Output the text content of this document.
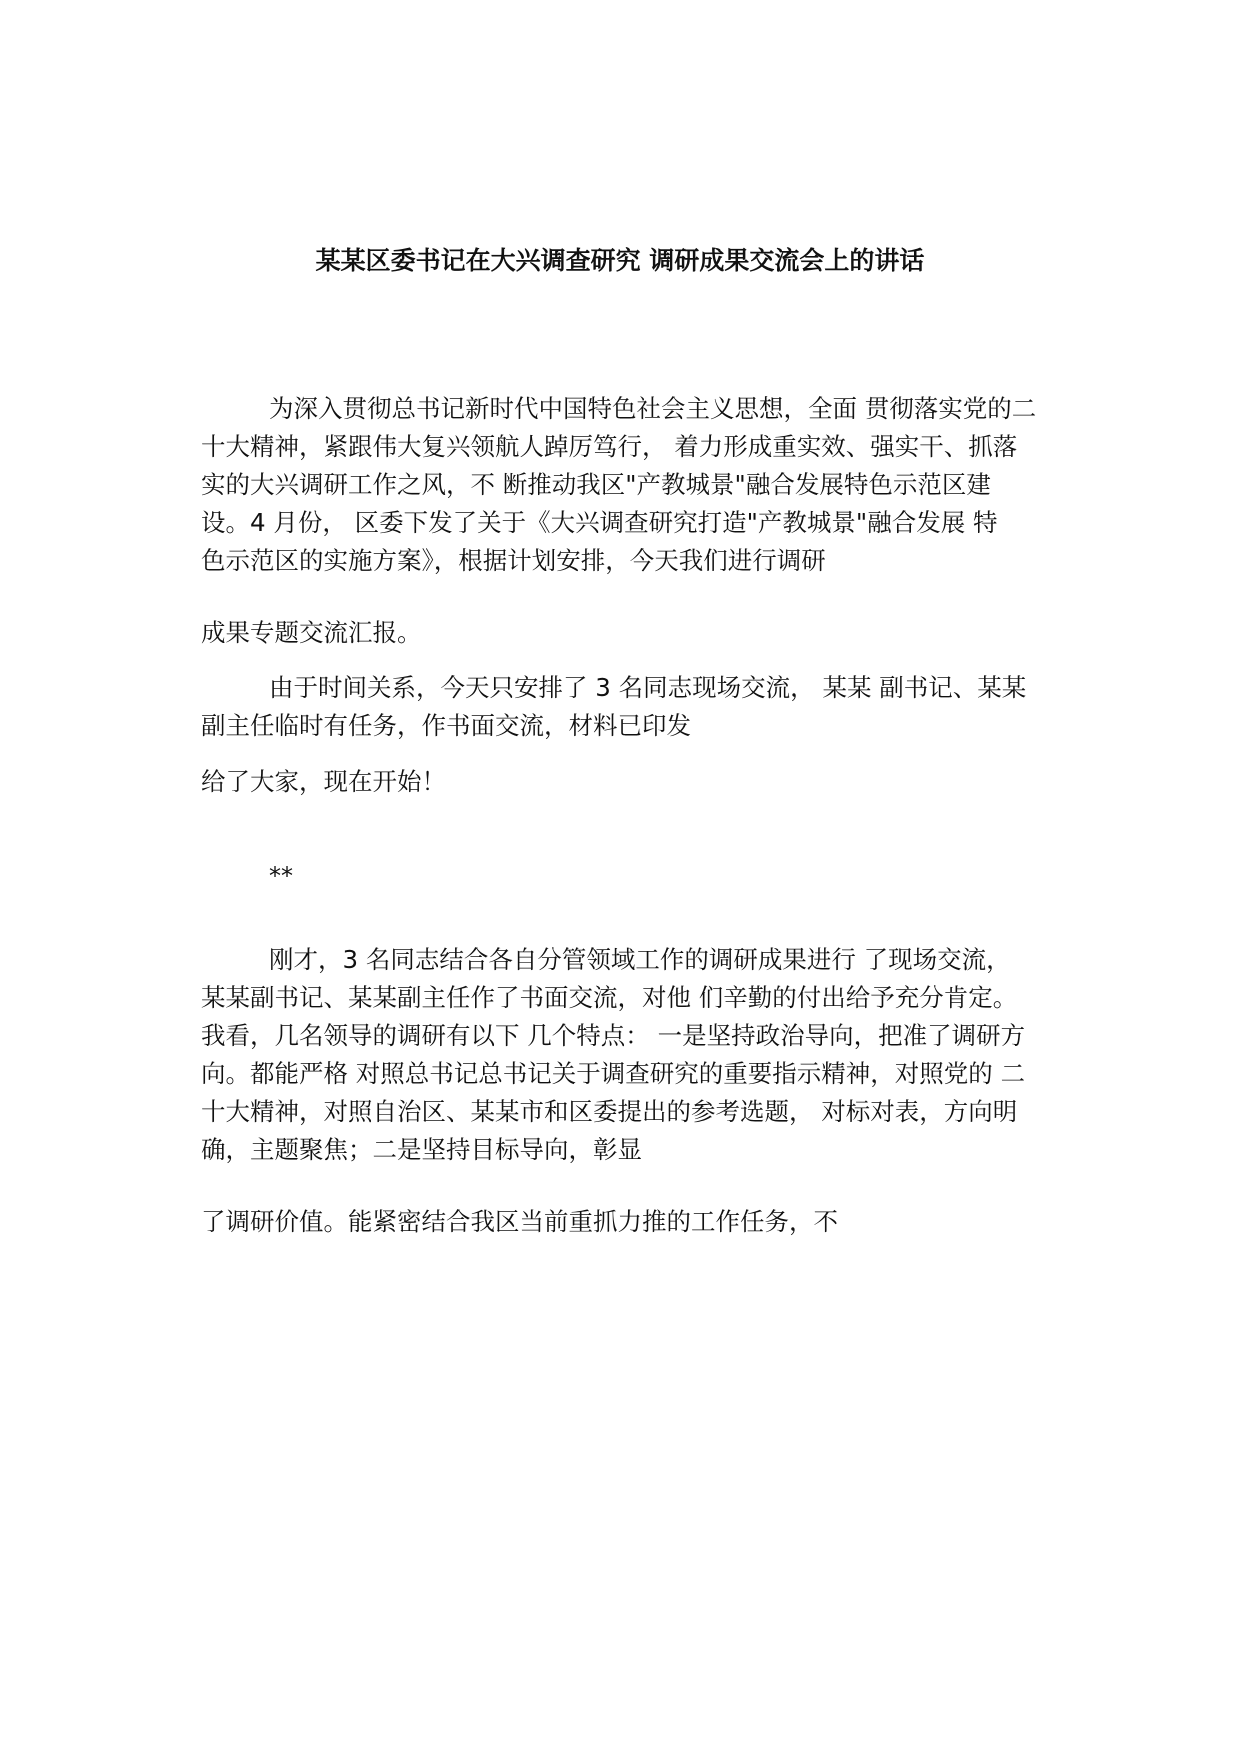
某某区委书记在大兴调查研究 调研成果交流会上的讲话
为深入贯彻总书记新时代中国特色社会主义思想，全面 贯彻落实党的二
十大精神，紧跟伟大复兴领航人踔厉笃行， 着力形成重实效、强实干、抓落
实的大兴调研工作之风，不 断推动我区"产教城景"融合发展特色示范区建
设。4 月份， 区委下发了关于《大兴调查研究打造"产教城景"融合发展 特
色示范区的实施方案》，根据计划安排，今天我们进行调研
成果专题交流汇报。
由于时间关系，今天只安排了 3 名同志现场交流， 某某 副书记、某某
副主任临时有任务，作书面交流，材料已印发
给了大家，现在开始！

**

刚才，3 名同志结合各自分管领域工作的调研成果进行 了现场交流，
某某副书记、某某副主任作了书面交流，对他 们辛勤的付出给予充分肯定。
我看，几名领导的调研有以下 几个特点： 一是坚持政治导向，把准了调研方
向。都能严格 对照总书记总书记关于调查研究的重要指示精神，对照党的 二
十大精神，对照自治区、某某市和区委提出的参考选题， 对标对表，方向明
确，主题聚焦；二是坚持目标导向，彰显
了调研价值。能紧密结合我区当前重抓力推的工作任务，不
